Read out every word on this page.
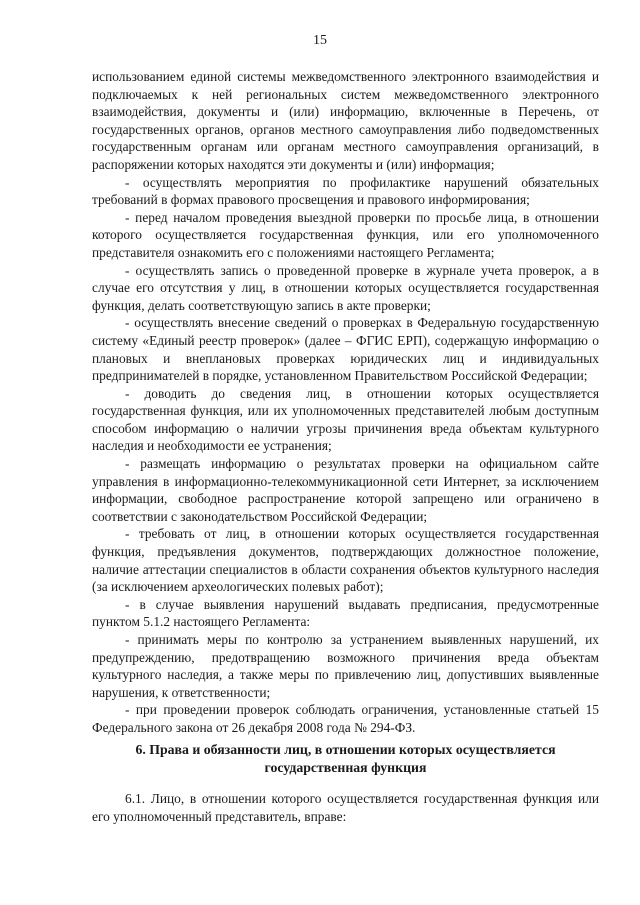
15

использованием единой системы межведомственного электронного взаимодействия и подключаемых к ней региональных систем межведомственного электронного взаимодействия, документы и (или) информацию, включенные в Перечень, от государственных органов, органов местного самоуправления либо подведомственных государственным органам или органам местного самоуправления организаций, в распоряжении которых находятся эти документы и (или) информация;

- осуществлять мероприятия по профилактике нарушений обязательных требований в формах правового просвещения и правового информирования;

- перед началом проведения выездной проверки по просьбе лица, в отношении которого осуществляется государственная функция, или его уполномоченного представителя ознакомить его с положениями настоящего Регламента;

- осуществлять запись о проведенной проверке в журнале учета проверок, а в случае его отсутствия у лиц, в отношении которых осуществляется государственная функция, делать соответствующую запись в акте проверки;

- осуществлять внесение сведений о проверках в Федеральную государственную систему «Единый реестр проверок» (далее – ФГИС ЕРП), содержащую информацию о плановых и внеплановых проверках юридических лиц и индивидуальных предпринимателей в порядке, установленном Правительством Российской Федерации;

- доводить до сведения лиц, в отношении которых осуществляется государственная функция, или их уполномоченных представителей любым доступным способом информацию о наличии угрозы причинения вреда объектам культурного наследия и необходимости ее устранения;

- размещать информацию о результатах проверки на официальном сайте управления в информационно-телекоммуникационной сети Интернет, за исключением информации, свободное распространение которой запрещено или ограничено в соответствии с законодательством Российской Федерации;

- требовать от лиц, в отношении которых осуществляется государственная функция, предъявления документов, подтверждающих должностное положение, наличие аттестации специалистов в области сохранения объектов культурного наследия (за исключением археологических полевых работ);

- в случае выявления нарушений выдавать предписания, предусмотренные пунктом 5.1.2 настоящего Регламента:

- принимать меры по контролю за устранением выявленных нарушений, их предупреждению, предотвращению возможного причинения вреда объектам культурного наследия, а также меры по привлечению лиц, допустивших выявленные нарушения, к ответственности;

- при проведении проверок соблюдать ограничения, установленные статьей 15 Федерального закона от 26 декабря 2008 года № 294-ФЗ.

6. Права и обязанности лиц, в отношении которых осуществляется
государственная функция

6.1. Лицо, в отношении которого осуществляется государственная функция или его уполномоченный представитель, вправе:
